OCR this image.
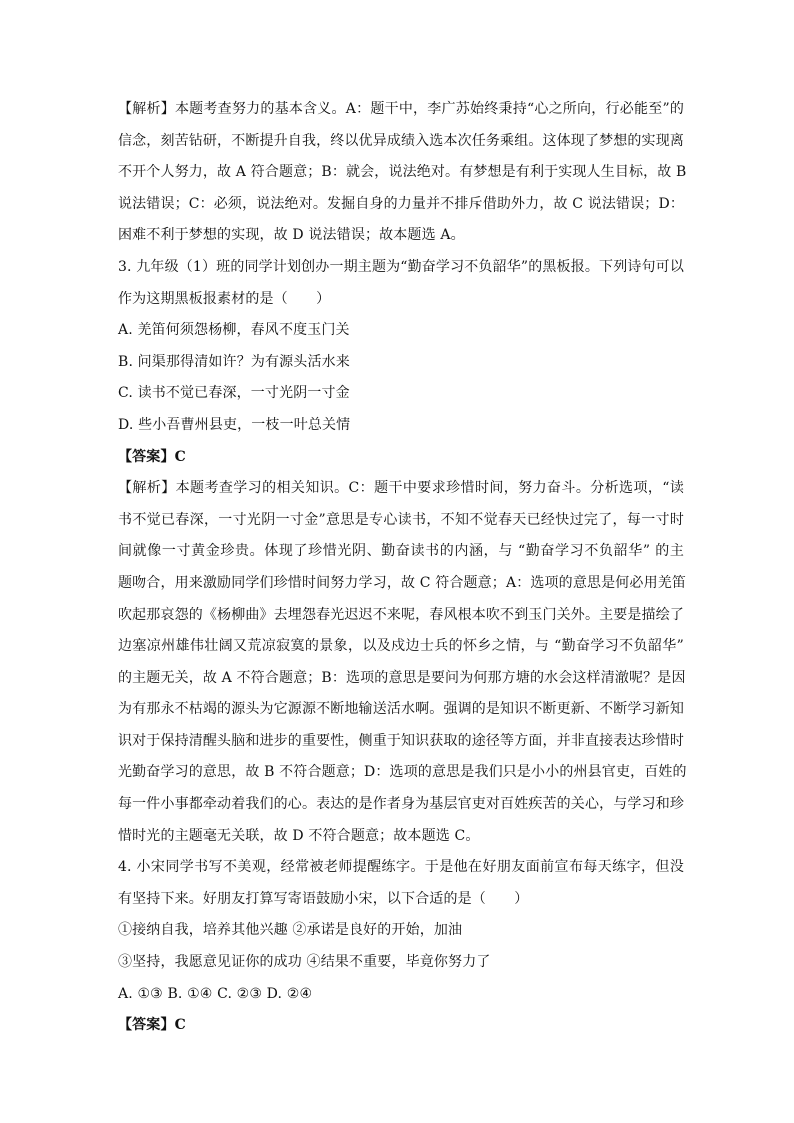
【解析】本题考查努力的基本含义。A：题干中，李广苏始终秉持“心之所向，行必能至”的
信念，刻苦钻研，不断提升自我，终以优异成绩入选本次任务乘组。这体现了梦想的实现离
不开个人努力，故 A 符合题意；B：就会，说法绝对。有梦想是有利于实现人生目标，故 B
说法错误；C：必须，说法绝对。发掘自身的力量并不排斥借助外力，故 C 说法错误；D：
困难不利于梦想的实现，故 D 说法错误；故本题选 A。
3. 九年级（1）班的同学计划创办一期主题为“勤奋学习不负韶华”的黑板报。下列诗句可以
作为这期黑板报素材的是（　　）
A. 羌笛何须怨杨柳，春风不度玉门关
B. 问渠那得清如许？为有源头活水来
C. 读书不觉已春深，一寸光阴一寸金
D. 些小吾曹州县吏，一枝一叶总关情
【答案】C
【解析】本题考查学习的相关知识。C：题干中要求珍惜时间，努力奋斗。分析选项，“读
书不觉已春深，一寸光阴一寸金”意思是专心读书，不知不觉春天已经快过完了，每一寸时
间就像一寸黄金珍贵。体现了珍惜光阴、勤奋读书的内涵，与 “勤奋学习不负韶华” 的主
题吻合，用来激励同学们珍惜时间努力学习，故 C 符合题意；A：选项的意思是何必用羌笛
吹起那哀怨的《杨柳曲》去埋怨春光迟迟不来呢，春风根本吹不到玉门关外。主要是描绘了
边塞凉州雄伟壮阔又荒凉寂寞的景象，以及戍边士兵的怀乡之情，与 “勤奋学习不负韶华”
的主题无关，故 A 不符合题意；B：选项的意思是要问为何那方塘的水会这样清澈呢？是因
为有那永不枯竭的源头为它源源不断地输送活水啊。强调的是知识不断更新、不断学习新知
识对于保持清醒头脑和进步的重要性，侧重于知识获取的途径等方面，并非直接表达珍惜时
光勤奋学习的意思，故 B 不符合题意；D：选项的意思是我们只是小小的州县官吏，百姓的
每一件小事都牵动着我们的心。表达的是作者身为基层官吏对百姓疾苦的关心，与学习和珍
惜时光的主题毫无关联，故 D 不符合题意；故本题选 C。
4. 小宋同学书写不美观，经常被老师提醒练字。于是他在好朋友面前宣布每天练字，但没
有坚持下来。好朋友打算写寄语鼓励小宋，以下合适的是（　　）
①接纳自我，培养其他兴趣 ②承诺是良好的开始，加油
③坚持，我愿意见证你的成功 ④结果不重要，毕竟你努力了
A. ①③ B. ①④ C. ②③ D. ②④
【答案】C
